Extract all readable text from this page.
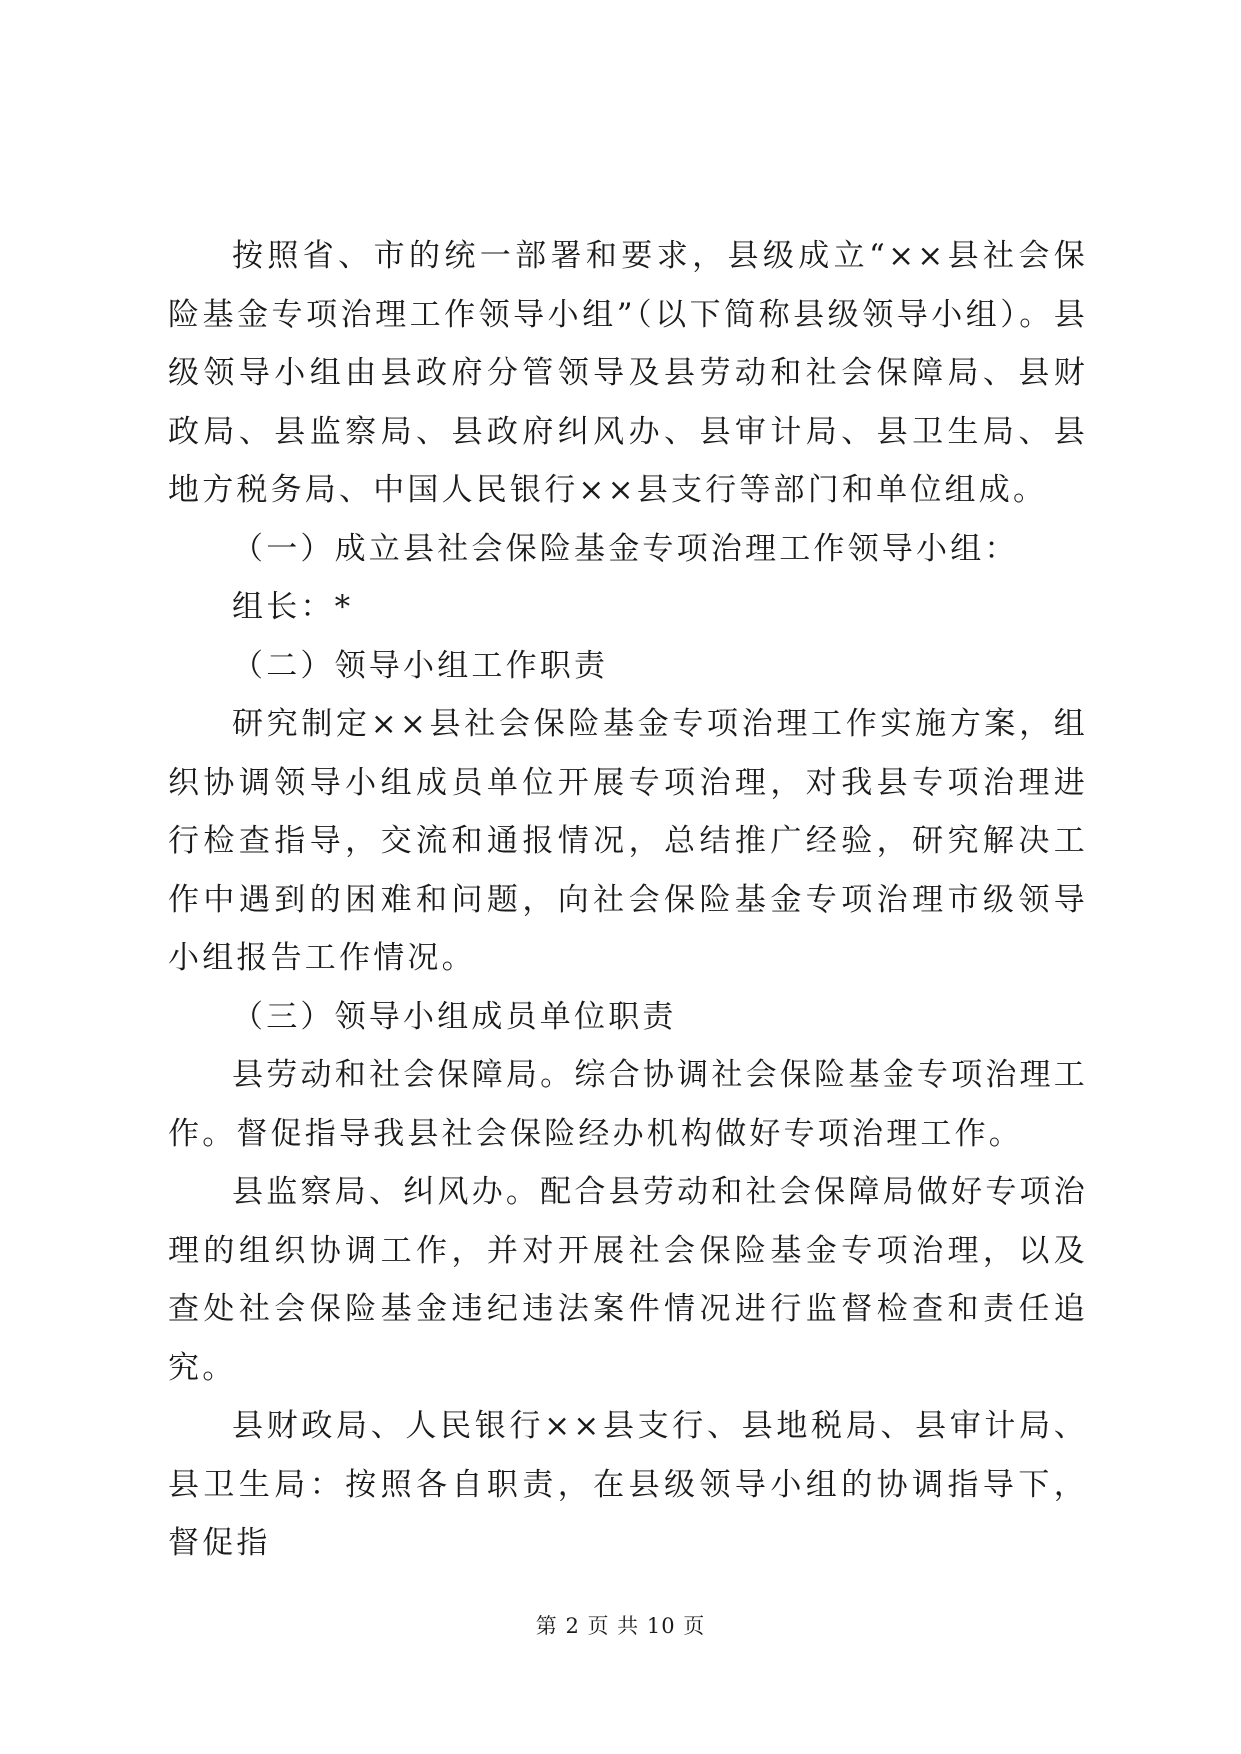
按照省、市的统一部署和要求，县级成立“××县社会保险基金专项治理工作领导小组”（以下简称县级领导小组）。县级领导小组由县政府分管领导及县劳动和社会保障局、县财政局、县监察局、县政府纠风办、县审计局、县卫生局、县地方税务局、中国人民银行××县支行等部门和单位组成。

（一）成立县社会保险基金专项治理工作领导小组：

组长：*

（二）领导小组工作职责

研究制定××县社会保险基金专项治理工作实施方案，组织协调领导小组成员单位开展专项治理，对我县专项治理进行检查指导，交流和通报情况，总结推广经验，研究解决工作中遇到的困难和问题，向社会保险基金专项治理市级领导小组报告工作情况。

（三）领导小组成员单位职责

县劳动和社会保障局。综合协调社会保险基金专项治理工作。督促指导我县社会保险经办机构做好专项治理工作。

县监察局、纠风办。配合县劳动和社会保障局做好专项治理的组织协调工作，并对开展社会保险基金专项治理，以及查处社会保险基金违纪违法案件情况进行监督检查和责任追究。

县财政局、人民银行××县支行、县地税局、县审计局、县卫生局：按照各自职责，在县级领导小组的协调指导下，督促指

第 2 页 共 10 页
